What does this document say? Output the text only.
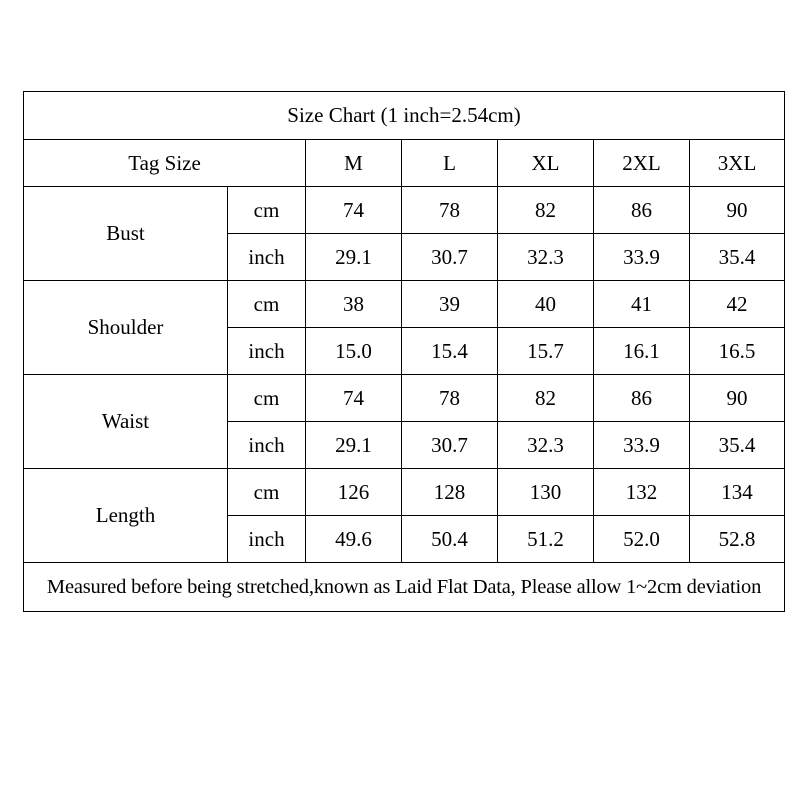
Size Chart (1 inch=2.54cm)						
Tag Size		M	L	XL	2XL	3XL
Bust	cm	74	78	82	86	90
	inch	29.1	30.7	32.3	33.9	35.4
Shoulder	cm	38	39	40	41	42
	inch	15.0	15.4	15.7	16.1	16.5
Waist	cm	74	78	82	86	90
	inch	29.1	30.7	32.3	33.9	35.4
Length	cm	126	128	130	132	134
	inch	49.6	50.4	51.2	52.0	52.8
Measured before being stretched,known as Laid Flat Data, Please allow 1~2cm deviation						
